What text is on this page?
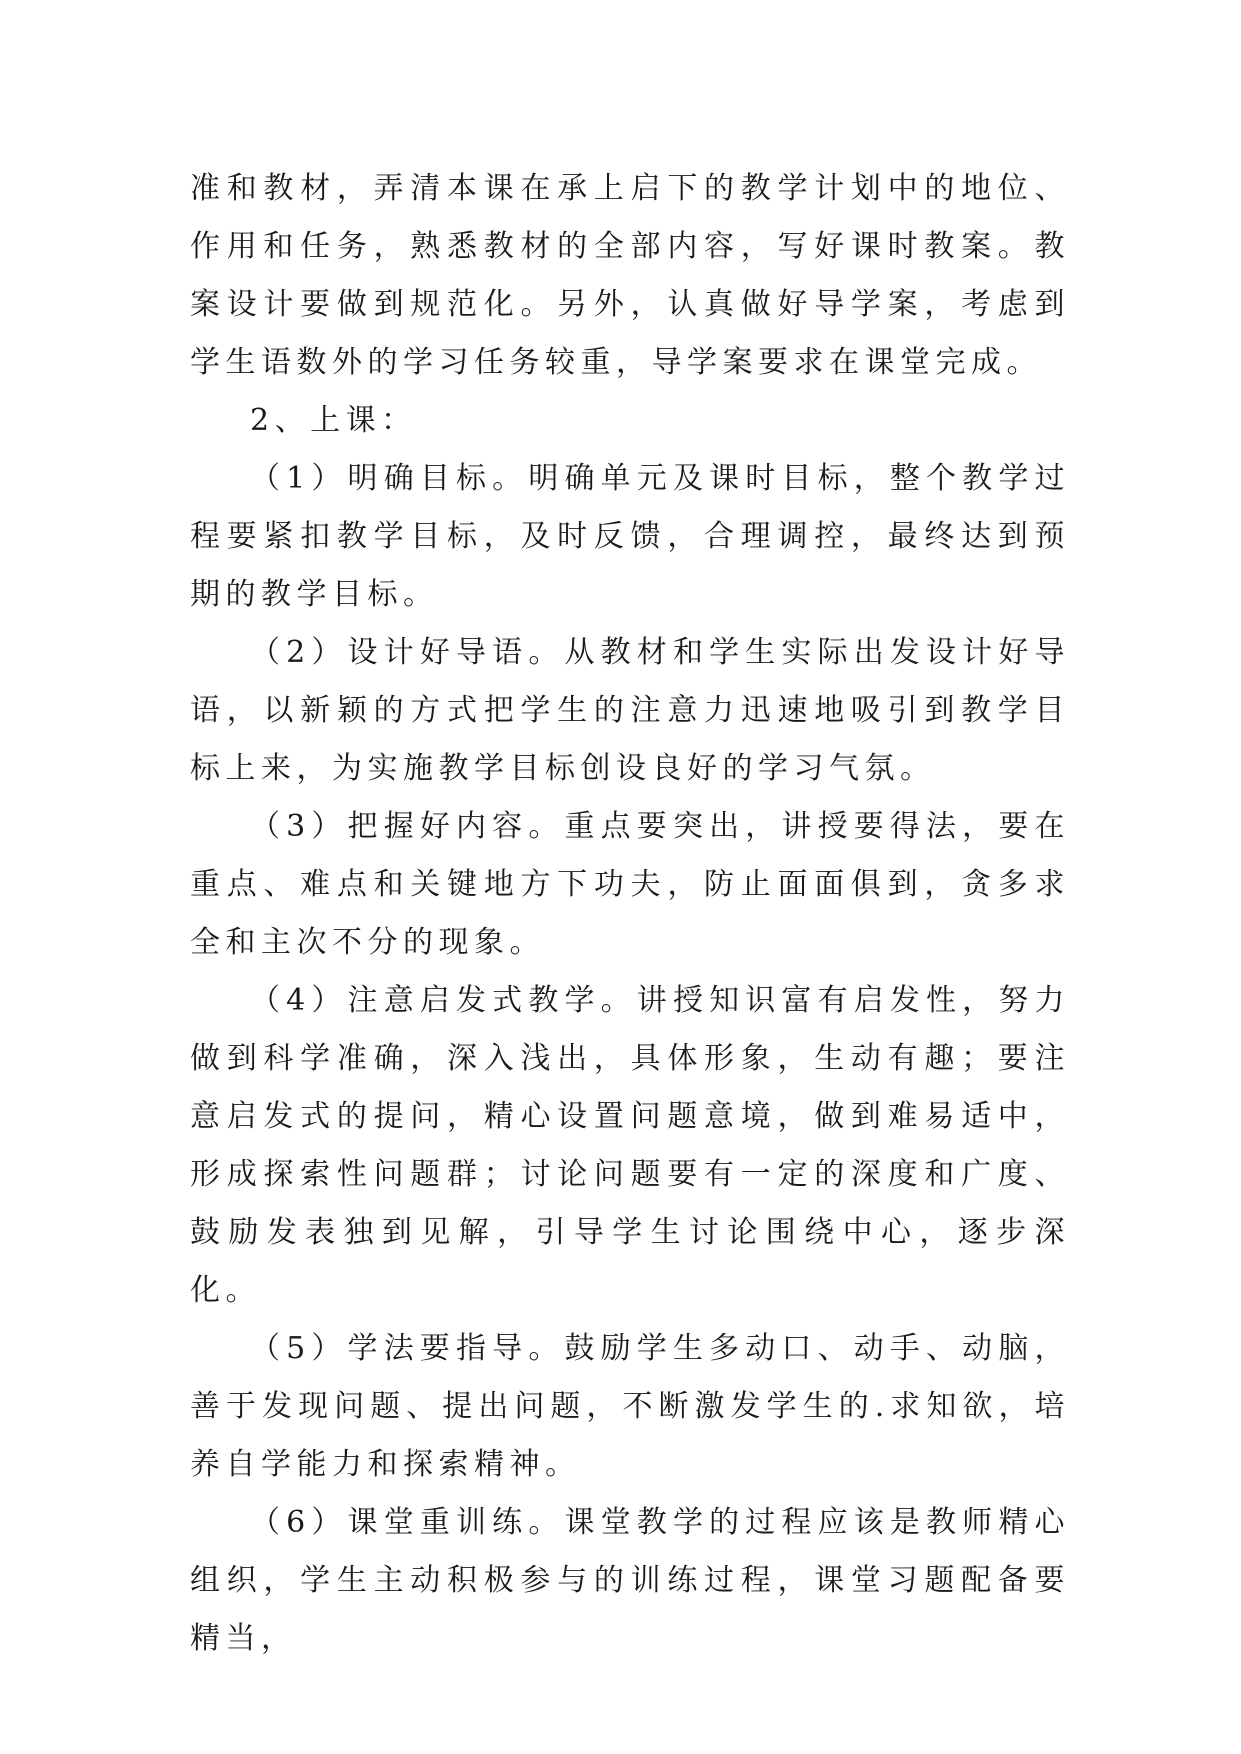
准和教材，弄清本课在承上启下的教学计划中的地位、作用和任务，熟悉教材的全部内容，写好课时教案。教案设计要做到规范化。另外，认真做好导学案，考虑到学生语数外的学习任务较重，导学案要求在课堂完成。

2、上课：

（1）明确目标。明确单元及课时目标，整个教学过程要紧扣教学目标，及时反馈，合理调控，最终达到预期的教学目标。

（2）设计好导语。从教材和学生实际出发设计好导语，以新颖的方式把学生的注意力迅速地吸引到教学目标上来，为实施教学目标创设良好的学习气氛。

（3）把握好内容。重点要突出，讲授要得法，要在重点、难点和关键地方下功夫，防止面面俱到，贪多求全和主次不分的现象。

（4）注意启发式教学。讲授知识富有启发性，努力做到科学准确，深入浅出，具体形象，生动有趣；要注意启发式的提问，精心设置问题意境，做到难易适中，形成探索性问题群；讨论问题要有一定的深度和广度、鼓励发表独到见解，引导学生讨论围绕中心，逐步深化。

（5）学法要指导。鼓励学生多动口、动手、动脑，善于发现问题、提出问题，不断激发学生的.求知欲，培养自学能力和探索精神。

（6）课堂重训练。课堂教学的过程应该是教师精心组织，学生主动积极参与的训练过程，课堂习题配备要精当，
